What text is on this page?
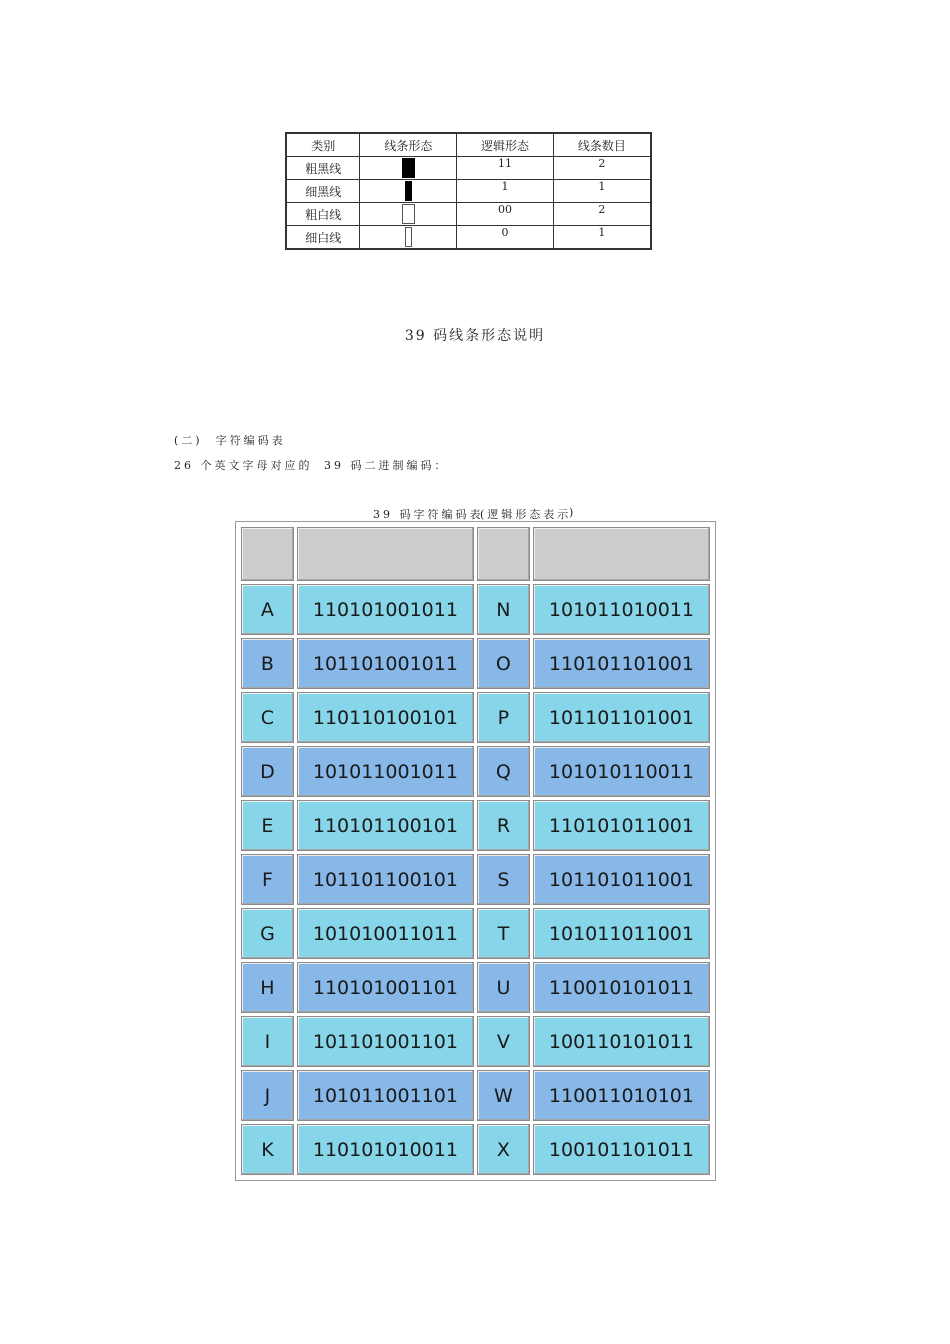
类别	线条形态	逻辑形态	线条数目
粗黑线		11	2
细黑线		1	1
粗白线		00	2
细白线		0	1
39 码线条形态说明
(二)  字符编码表
26 个英文字母对应的 39 码二进制编码：
39 码字符编码表
(逻辑形态表示
)

A	110101001011	N	101011010011
B	101101001011	O	110101101001
C	110110100101	P	101101101001
D	101011001011	Q	101010110011
E	110101100101	R	110101011001
F	101101100101	S	101101011001
G	101010011011	T	101011011001
H	110101001101	U	110010101011
I	101101001101	V	100110101011
J	101011001101	W	110011010101
K	110101010011	X	100101101011
